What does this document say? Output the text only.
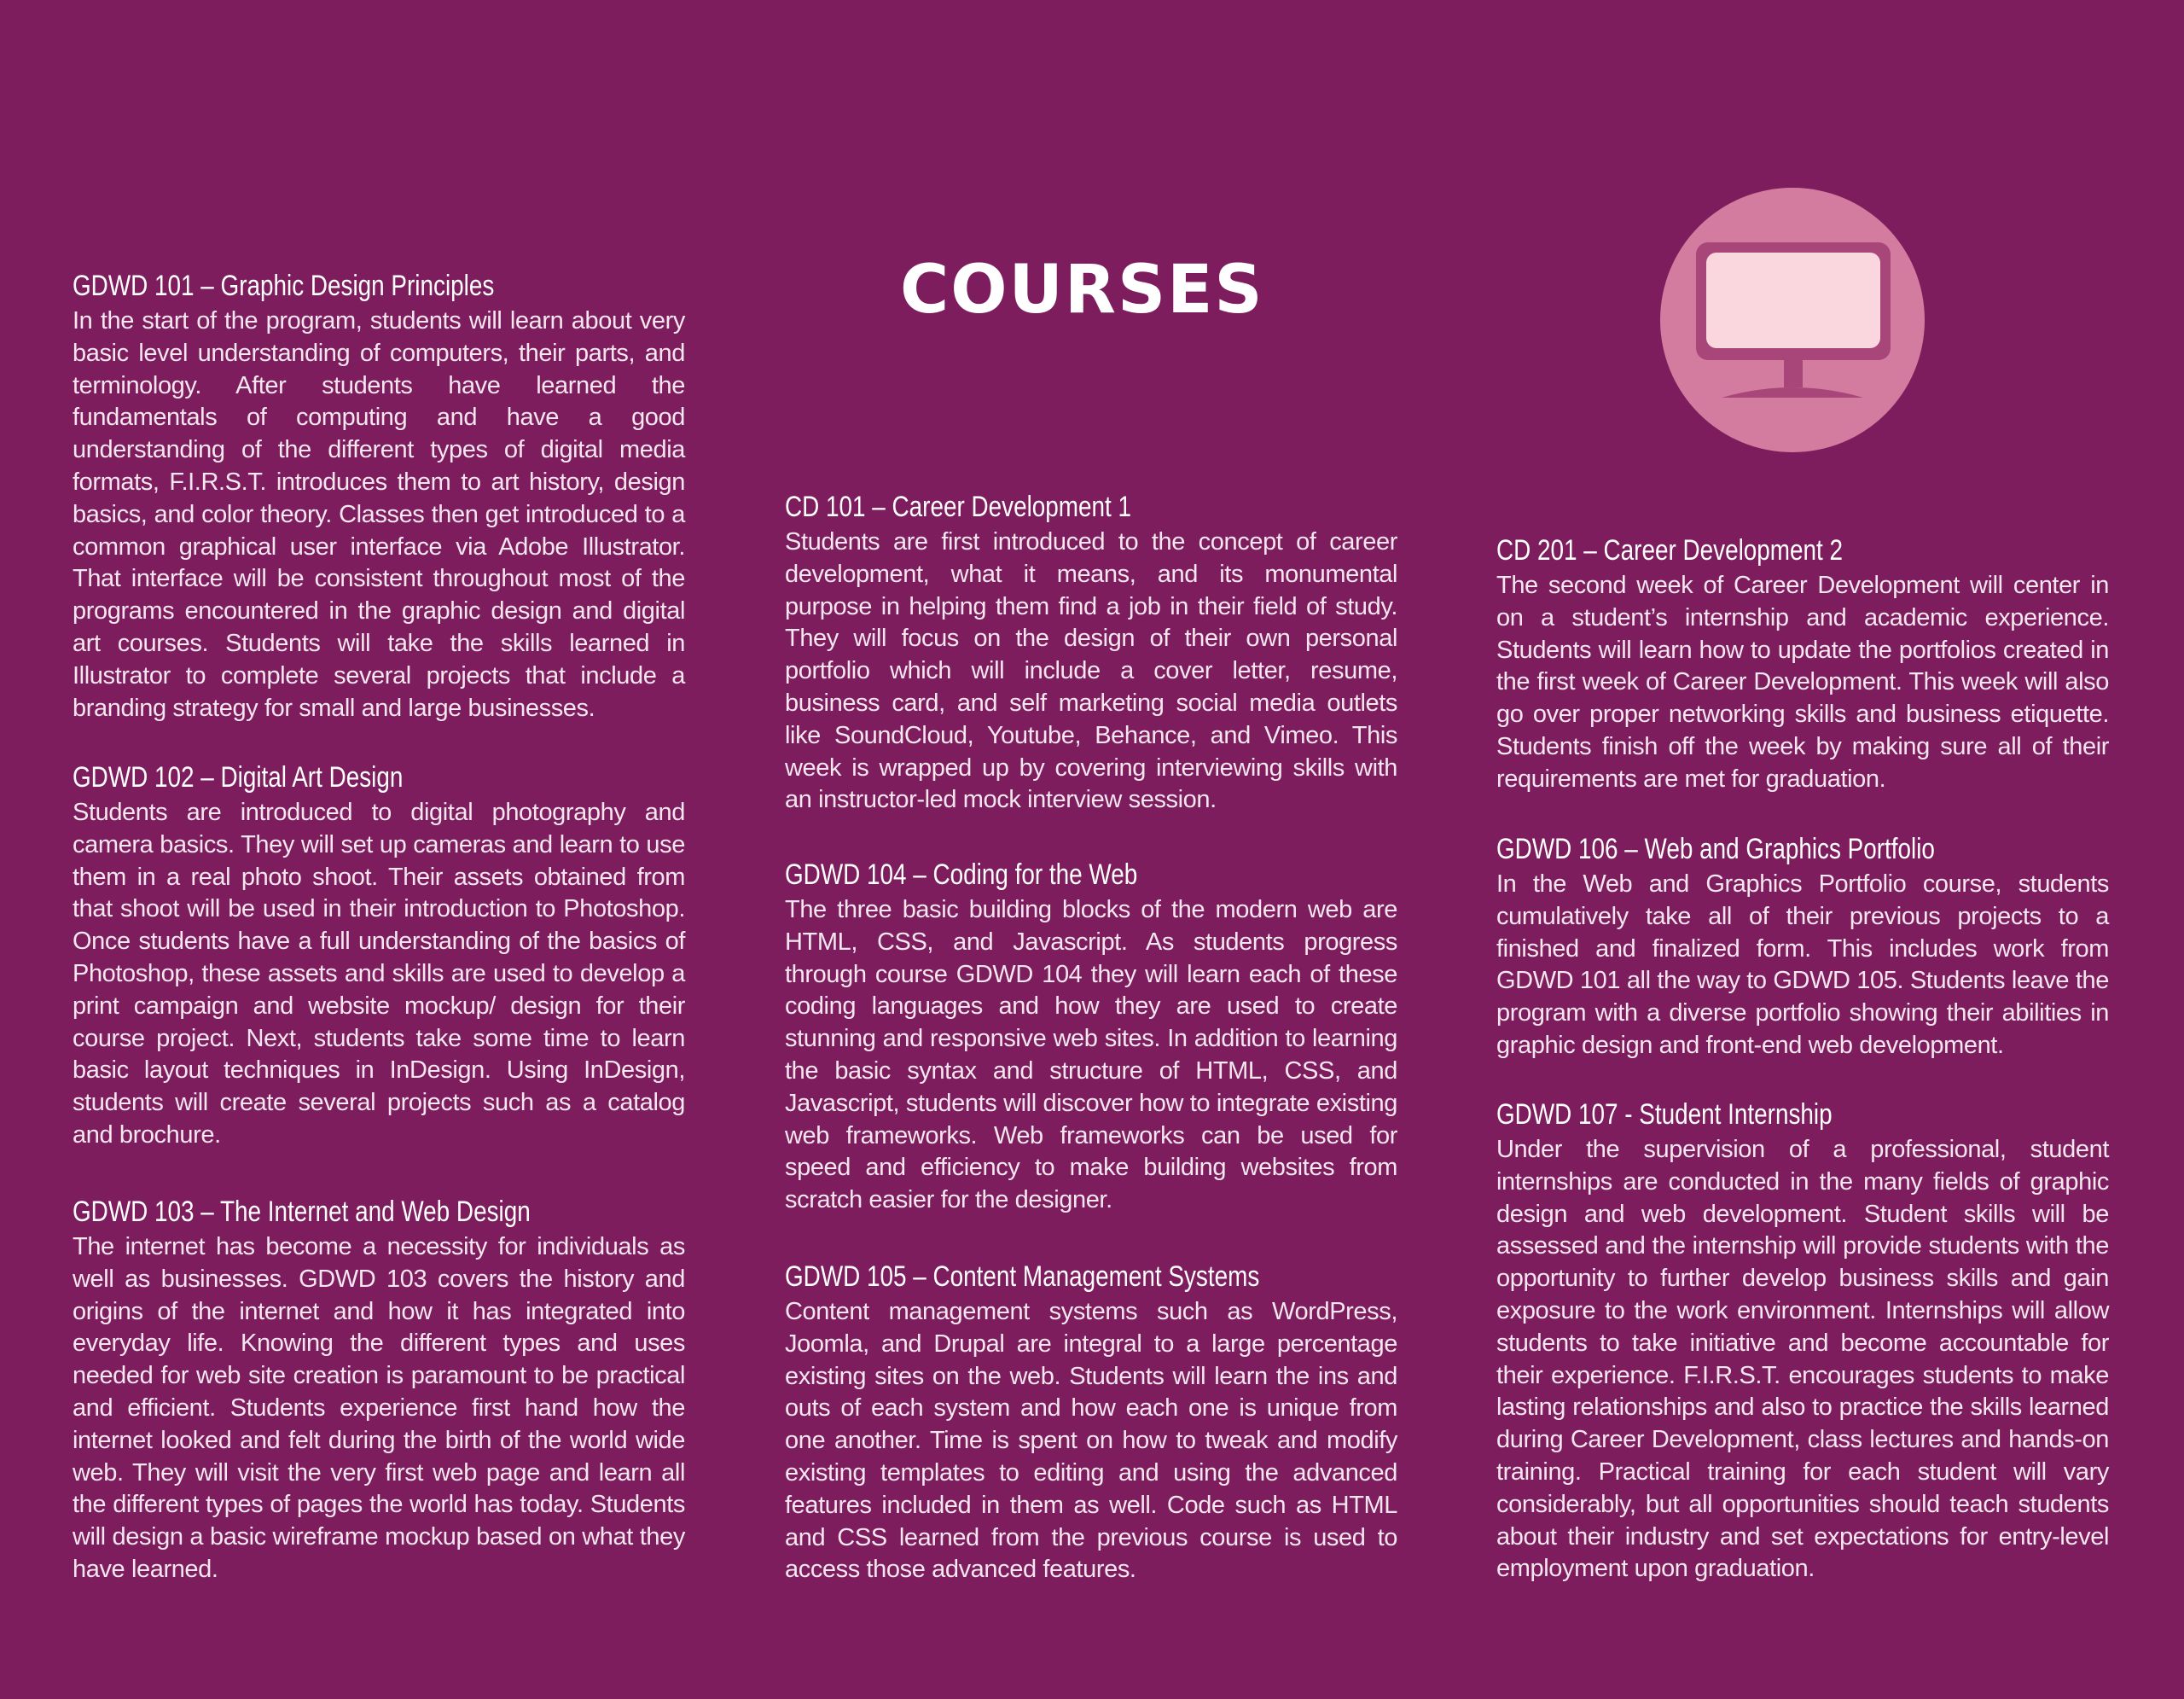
COURSES
GDWD 101 – Graphic Design Principles

In the start of the program, students will learn about very basic level understanding of computers, their parts, and terminology. After students have learned the fundamentals of computing and have a good understanding of the different types of digital media formats, F.I.R.S.T. introduces them to art history, design basics, and color theory. Classes then get introduced to a common graphical user interface via Adobe Illustrator. That interface will be consistent throughout most of the programs encountered in the graphic design and digital art courses. Students will take the skills learned in Illustrator to complete several projects that include a branding strategy for small and large businesses.

GDWD 102 – Digital Art Design

Students are introduced to digital photography and camera basics. They will set up cameras and learn to use them in a real photo shoot. Their assets obtained from that shoot will be used in their introduction to Photoshop. Once students have a full understanding of the basics of Photoshop, these assets and skills are used to develop a print campaign and website mockup/ design for their course project. Next, students take some time to learn basic layout techniques in InDesign. Using InDesign, students will create several projects such as a catalog and brochure.

GDWD 103 – The Internet and Web Design

The internet has become a necessity for individuals as well as businesses. GDWD 103 covers the history and origins of the internet and how it has integrated into everyday life. Knowing the different types and uses needed for web site creation is paramount to be practical and efficient. Students experience first hand how the internet looked and felt during the birth of the world wide web. They will visit the very first web page and learn all the different types of pages the world has today. Students will design a basic wireframe mockup based on what they have learned.

CD 101 – Career Development 1

Students are first introduced to the concept of career development, what it means, and its monumental purpose in helping them find a job in their field of study. They will focus on the design of their own personal portfolio which will include a cover letter, resume, business card, and self marketing social media outlets like SoundCloud, Youtube, Behance, and Vimeo. This week is wrapped up by covering interviewing skills with an instructor-led mock interview session.

GDWD 104 – Coding for the Web

The three basic building blocks of the modern web are HTML, CSS, and Javascript. As students progress through course GDWD 104 they will learn each of these coding languages and how they are used to create stunning and responsive web sites. In addition to learning the basic syntax and structure of HTML, CSS, and Javascript, students will discover how to integrate existing web frameworks. Web frameworks can be used for speed and efficiency to make building websites from scratch easier for the designer.

GDWD 105 – Content Management Systems

Content management systems such as WordPress, Joomla, and Drupal are integral to a large percentage existing sites on the web. Students will learn the ins and outs of each system and how each one is unique from one another. Time is spent on how to tweak and modify existing templates to editing and using the advanced features included in them as well. Code such as HTML and CSS learned from the previous course is used to access those advanced features.

CD 201 – Career Development 2

The second week of Career Development will center in on a student’s internship and academic experience. Students will learn how to update the portfolios created in the first week of Career Development. This week will also go over proper networking skills and business etiquette. Students finish off the week by making sure all of their requirements are met for graduation.

GDWD 106 – Web and Graphics Portfolio

In the Web and Graphics Portfolio course, students cumulatively take all of their previous projects to a finished and finalized form. This includes work from GDWD 101 all the way to GDWD 105. Students leave the program with a diverse portfolio showing their abilities in graphic design and front-end web development.

GDWD 107 - Student Internship

Under the supervision of a professional, student internships are conducted in the many fields of graphic design and web development. Student skills will be assessed and the internship will provide students with the opportunity to further develop business skills and gain exposure to the work environment. Internships will allow students to take initiative and become accountable for their experience. F.I.R.S.T. encourages students to make lasting relationships and also to practice the skills learned during Career Development, class lectures and hands-on training. Practical training for each student will vary considerably, but all opportunities should teach students about their industry and set expectations for entry-level employment upon graduation.
